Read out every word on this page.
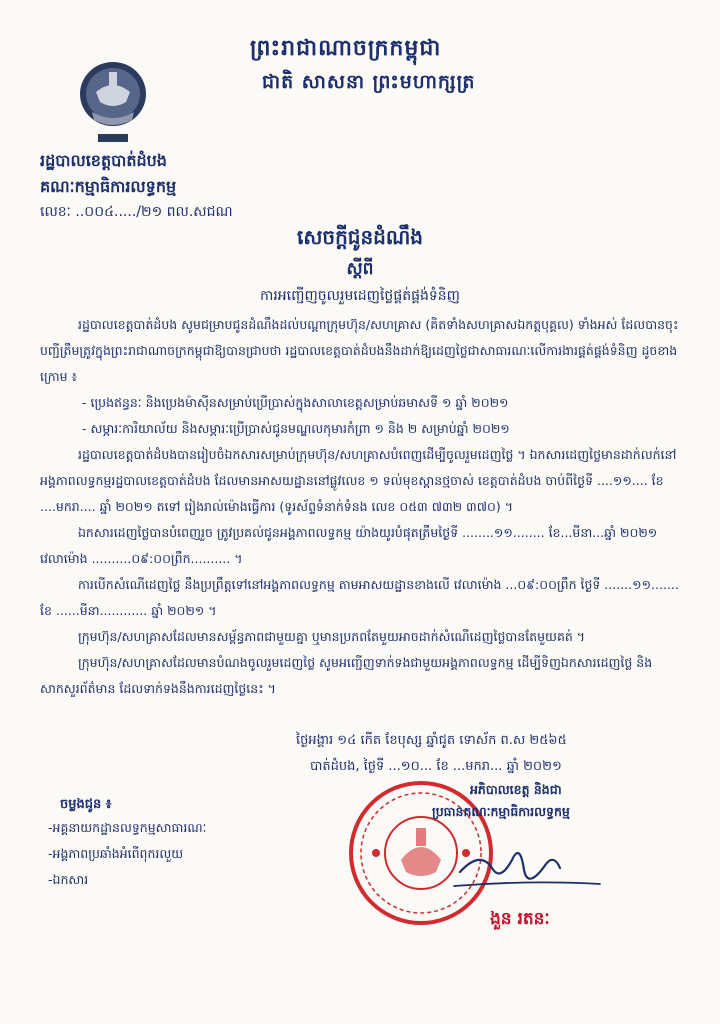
ព្រះរាជាណាចក្រកម្ពុជា
ជាតិ សាសនា ព្រះមហាក្សត្រ
រដ្ឋបាលខេត្តបាត់ដំបង
គណៈកម្មាធិការលទ្ធកម្ម
លេខៈ ..០០៤...../២១ ពល.សជណ
សេចក្តីជូនដំណឹង
ស្តីពី
ការអញ្ជើញចូលរួមដេញថ្លៃផ្គត់ផ្គង់ទំនិញ

រដ្ឋបាលខេត្តបាត់ដំបង សូមជម្រាបជូនដំណឹងដល់បណ្តាក្រុមហ៊ុន/សហគ្រាស (គិតទាំងសហគ្រាសឯកត្តបុគ្គល) ទាំងអស់ ដែលបានចុះបញ្ជីត្រឹមត្រូវក្នុងព្រះរាជាណាចក្រកម្ពុជាឱ្យបានជ្រាបថា រដ្ឋបាលខេត្តបាត់ដំបងនឹងដាក់ឱ្យដេញថ្លៃជាសាធារណៈលើការងារផ្គត់ផ្គង់ទំនិញ ដូចខាងក្រោម ៖

- ប្រេងឥន្ធនៈ និងប្រេងម៉ាស៊ីនសម្រាប់ប្រើប្រាស់ក្នុងសាលាខេត្តសម្រាប់ឆមាសទី ១ ឆ្នាំ ២០២១

- សម្ភារៈការិយាល័យ និងសម្ភារៈប្រើប្រាស់ជូនមណ្ឌលកុមារកំព្រា ១ និង ២ សម្រាប់ឆ្នាំ ២០២១

រដ្ឋបាលខេត្តបាត់ដំបងបានរៀបចំឯកសារសម្រាប់ក្រុមហ៊ុន/សហគ្រាសបំពេញដើម្បីចូលរួមដេញថ្លៃ ។ ឯកសារដេញថ្លៃមានដាក់លក់នៅអង្គភាពលទ្ធកម្មរដ្ឋបាលខេត្តបាត់ដំបង ដែលមានអាសយដ្ឋាននៅផ្លូវលេខ ១ ទល់មុខស្ពានថ្មចាស់ ខេត្តបាត់ដំបង ចាប់ពីថ្ងៃទី ....១១.... ខែ ....មករា.... ឆ្នាំ ២០២១ តទៅ រៀងរាល់ម៉ោងធ្វើការ (ទូរស័ព្ទទំនាក់ទំនង លេខ ០៥៣ ៧៣២ ៣៧០) ។

ឯកសារដេញថ្លៃបានបំពេញរួច ត្រូវប្រគល់ជូនអង្គភាពលទ្ធកម្ម យ៉ាងយូរបំផុតត្រឹមថ្ងៃទី ........១១........ ខែ...មីនា...ឆ្នាំ ២០២១ វេលាម៉ោង ..........០៩:០០ព្រឹក.......... ។

ការបើកសំណើដេញថ្លៃ នឹងប្រព្រឹត្តទៅនៅអង្គភាពលទ្ធកម្ម តាមអាសយដ្ឋានខាងលើ វេលាម៉ោង ...០៩:០០ព្រឹក ថ្ងៃទី .......១១....... ខែ ......មីនា............ ឆ្នាំ ២០២១ ។

ក្រុមហ៊ុន/សហគ្រាសដែលមានសម្ព័ន្ធភាពជាមួយគ្នា ឬមានប្រភពតែមួយអាចដាក់សំណើដេញថ្លៃបានតែមួយគត់ ។

ក្រុមហ៊ុន/សហគ្រាសដែលមានបំណងចូលរួមដេញថ្លៃ សូមអញ្ជើញទាក់ទងជាមួយអង្គភាពលទ្ធកម្ម ដើម្បីទិញឯកសារដេញថ្លៃ និងសាកសួរព័ត៌មាន ដែលទាក់ទងនឹងការដេញថ្លៃនេះ ។

ថ្ងៃអង្គារ ១៤ កើត ខែបុស្ស ឆ្នាំជូត ទោស័ក ព.ស ២៥៦៥
បាត់ដំបង, ថ្ងៃទី ...១០... ខែ ...មករា... ឆ្នាំ ២០២១
ចម្លងជូន ៖
-អគ្គនាយកដ្ឋានលទ្ធកម្មសាធារណៈ
-អង្គភាពប្រឆាំងអំពើពុករលួយ
-ឯកសារ
អភិបាលខេត្ត និងជា
ប្រធានគណៈកម្មាធិការលទ្ធកម្ម
ងួន រតនៈ
